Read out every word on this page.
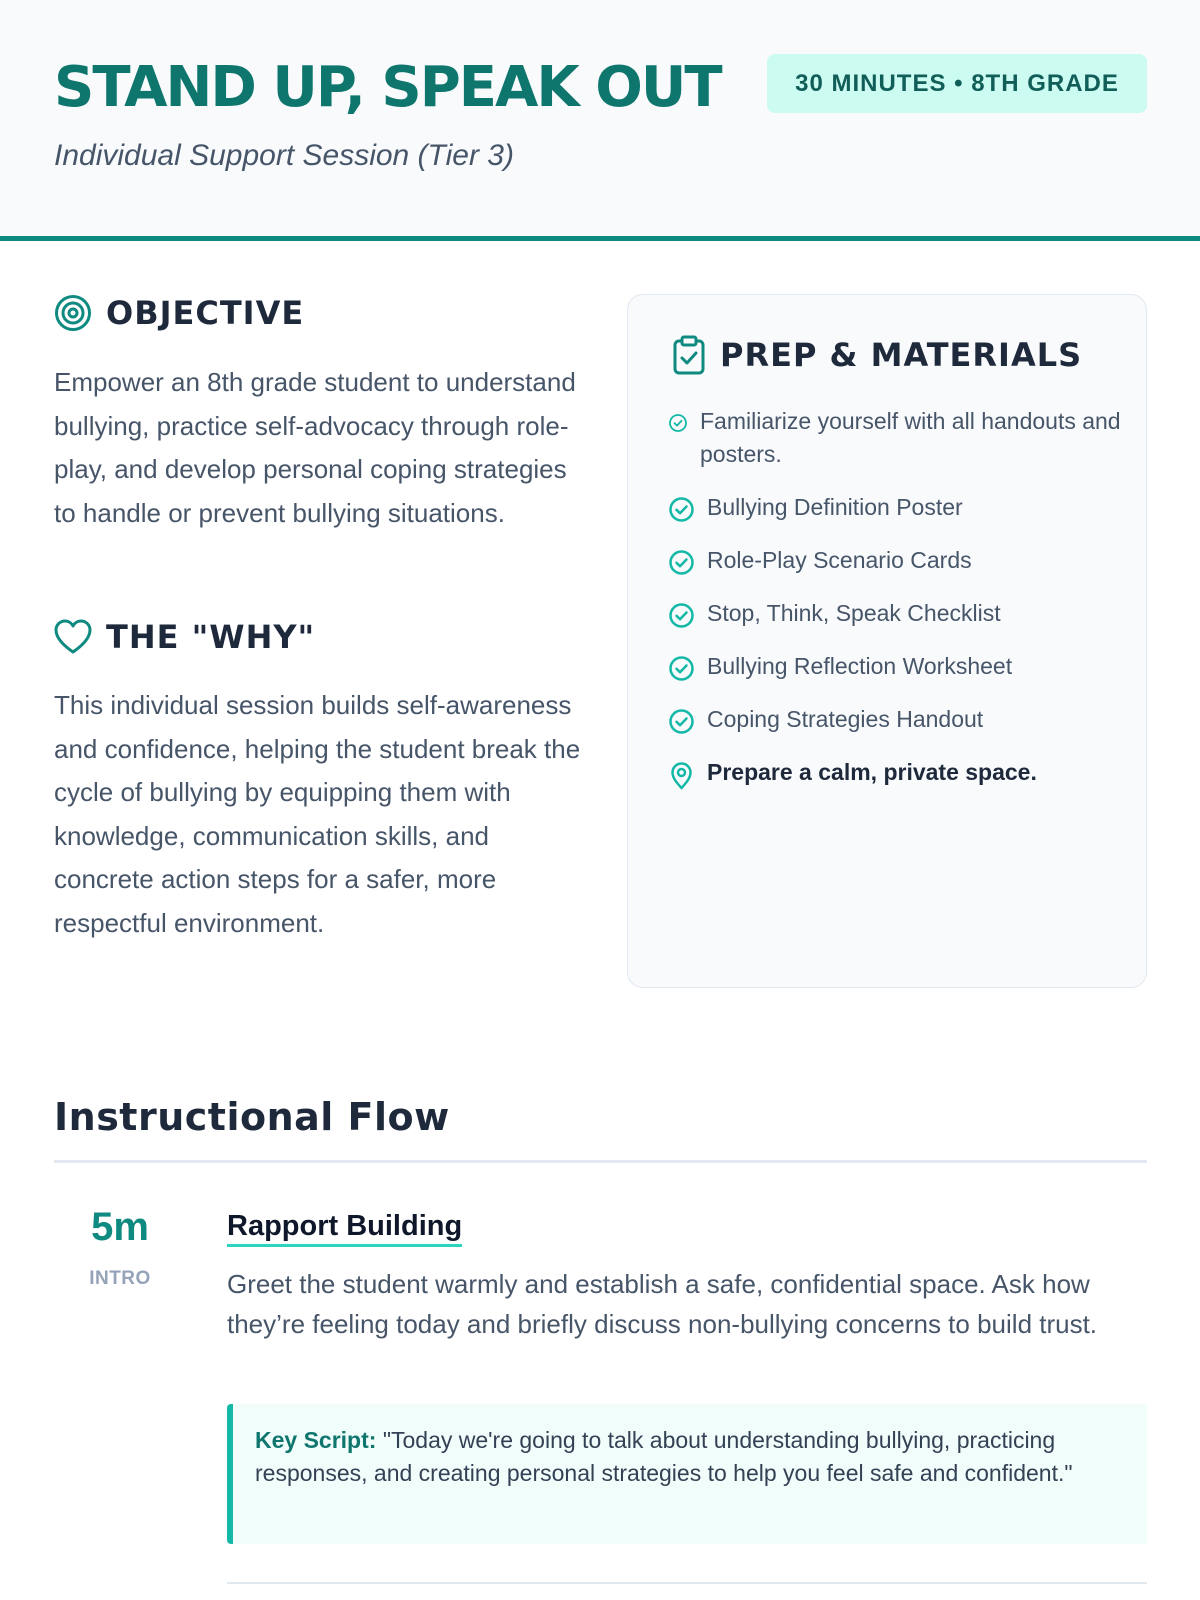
STAND UP, SPEAK OUT	30 MINUTES • 8TH GRADE
Individual Support Session (Tier 3)
OBJECTIVE
Empower an 8th grade student to understand bullying, practice self-advocacy through role-play, and develop personal coping strategies to handle or prevent bullying situations.
THE "WHY"
This individual session builds self-awareness and confidence, helping the student break the cycle of bullying by equipping them with knowledge, communication skills, and concrete action steps for a safer, more respectful environment.
PREP & MATERIALS
Familiarize yourself with all handouts and posters.
Bullying Definition Poster
Role-Play Scenario Cards
Stop, Think, Speak Checklist
Bullying Reflection Worksheet
Coping Strategies Handout
Prepare a calm, private space.
Instructional Flow
5m
INTRO
Rapport Building
Greet the student warmly and establish a safe, confidential space. Ask how they’re feeling today and briefly discuss non-bullying concerns to build trust.
Key Script: "Today we're going to talk about understanding bullying, practicing responses, and creating personal strategies to help you feel safe and confident."
